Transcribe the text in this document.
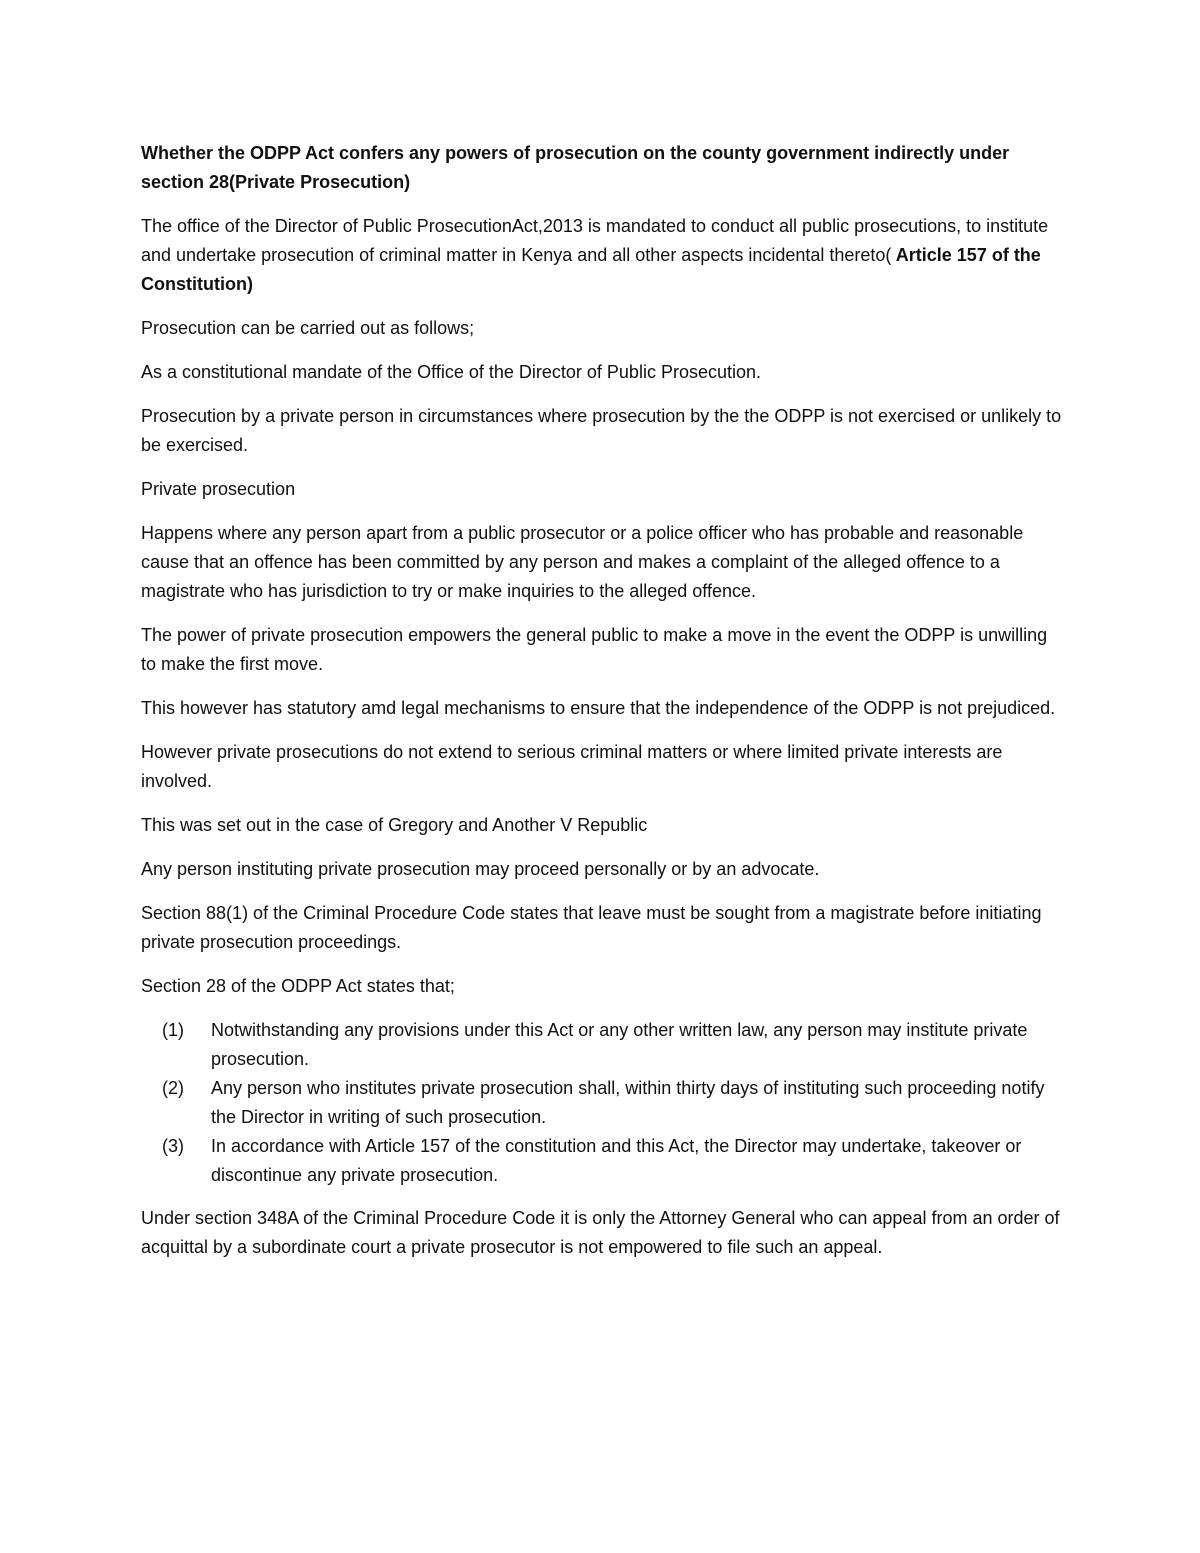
Whether the ODPP Act confers any powers of prosecution on the county government indirectly under section 28(Private Prosecution)

The office of the Director of Public ProsecutionAct,2013 is mandated to conduct all public prosecutions, to institute and undertake prosecution of criminal matter in Kenya and all other aspects incidental thereto( Article 157 of the Constitution)

Prosecution can be carried out as follows;

As a constitutional mandate of the Office of the Director of Public Prosecution.

Prosecution by a private person in circumstances where prosecution by the the ODPP is not exercised or unlikely to be exercised.

Private prosecution

Happens where any person apart from a public prosecutor or a police officer who has probable and reasonable cause that an offence has been committed by any person and makes a complaint of the alleged offence to a magistrate who has jurisdiction to try or make inquiries to the alleged offence.

The power of private prosecution empowers the general public to make a move in the event the ODPP is unwilling to make the first move.

This however has statutory amd legal mechanisms to ensure that the independence of the ODPP is not prejudiced.

However private prosecutions do not extend to serious criminal matters or where limited private interests are involved.

This was set out in the case of Gregory and Another V Republic

Any person instituting private prosecution may proceed personally or by an advocate.

Section 88(1) of the Criminal Procedure Code states that leave must be sought from a magistrate before initiating private prosecution proceedings.

Section 28 of the ODPP Act states that;

(1) Notwithstanding any provisions under this Act or any other written law, any person may institute private prosecution.
(2) Any person who institutes private prosecution shall, within thirty days of instituting such proceeding notify the Director in writing of such prosecution.
(3) In accordance with Article 157 of the constitution and this Act, the Director may undertake, takeover or discontinue any private prosecution.

Under section 348A of the Criminal Procedure Code it is only the Attorney General who can appeal from an order of acquittal by a subordinate court a private prosecutor is not empowered to file such an appeal.
